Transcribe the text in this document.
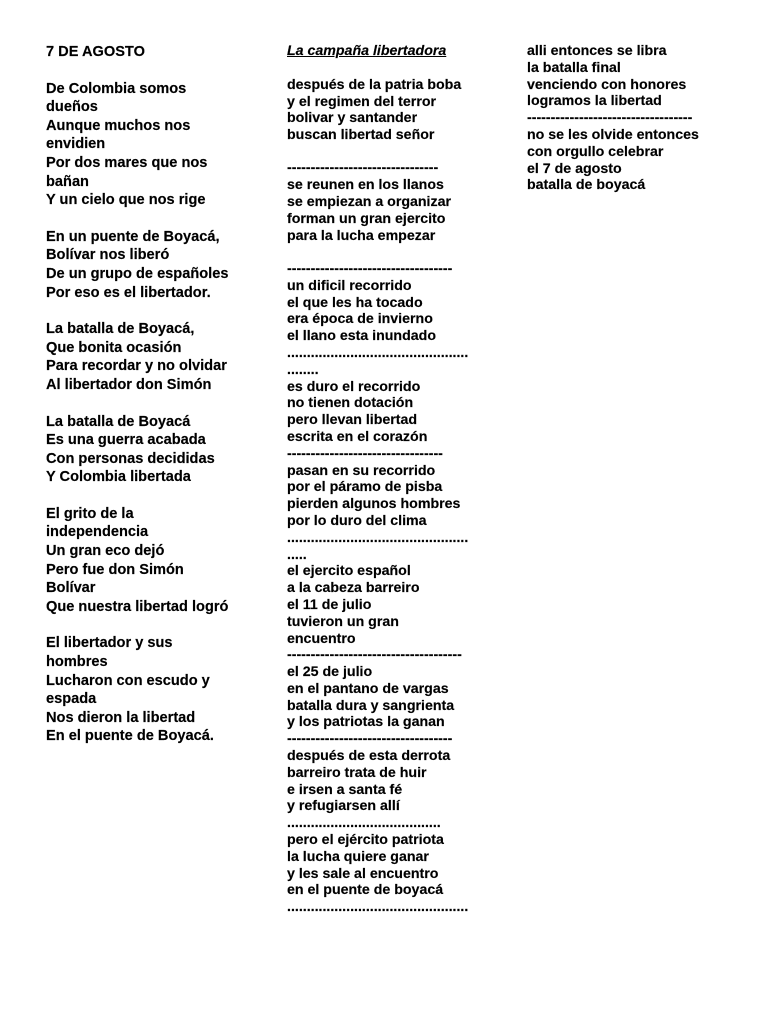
7 DE AGOSTO
De Colombia somos
dueños
Aunque muchos nos
envidien
Por dos mares que nos
bañan
Y un cielo que nos rige
En un puente de Boyacá,
Bolívar nos liberó
De un grupo de españoles
Por eso es el libertador.
La batalla de Boyacá,
Que bonita ocasión
Para recordar y no olvidar
Al libertador don Simón
La batalla de Boyacá
Es una guerra acabada
Con personas decididas
Y Colombia libertada
El grito de la
independencia
Un gran eco dejó
Pero fue don Simón
Bolívar
Que nuestra libertad logró
El libertador y sus
hombres
Lucharon con escudo y
espada
Nos dieron la libertad
En el puente de Boyacá.
La campaña libertadora
después de la patria boba
y el regimen del terror
bolivar y santander
buscan libertad señor
--------------------------------
se reunen en los llanos
se empiezan a organizar
forman un gran ejercito
para la lucha empezar
-----------------------------------
un dificil recorrido
el que les ha tocado
era época de invierno
el llano esta inundado
..............................................
........
es duro el recorrido
no tienen dotación
pero llevan libertad
escrita en el corazón
---------------------------------
pasan en su recorrido
por el páramo de pisba
pierden algunos hombres
por lo duro del clima
..............................................
.....
el ejercito español
a la cabeza barreiro
el 11 de julio
tuvieron un gran
encuentro
-------------------------------------
el 25 de julio
en el pantano de vargas
batalla dura y sangrienta
y los patriotas la ganan
-----------------------------------
después de esta derrota
barreiro trata de huir
e irsen a santa fé
y refugiarsen allí
.......................................
pero el ejército patriota
la lucha quiere ganar
y les sale al encuentro
en el puente de boyacá
..............................................
alli entonces se libra
la batalla final
venciendo con honores
logramos la libertad
-----------------------------------
no se les olvide entonces
con orgullo celebrar
el 7 de agosto
batalla de boyacá
